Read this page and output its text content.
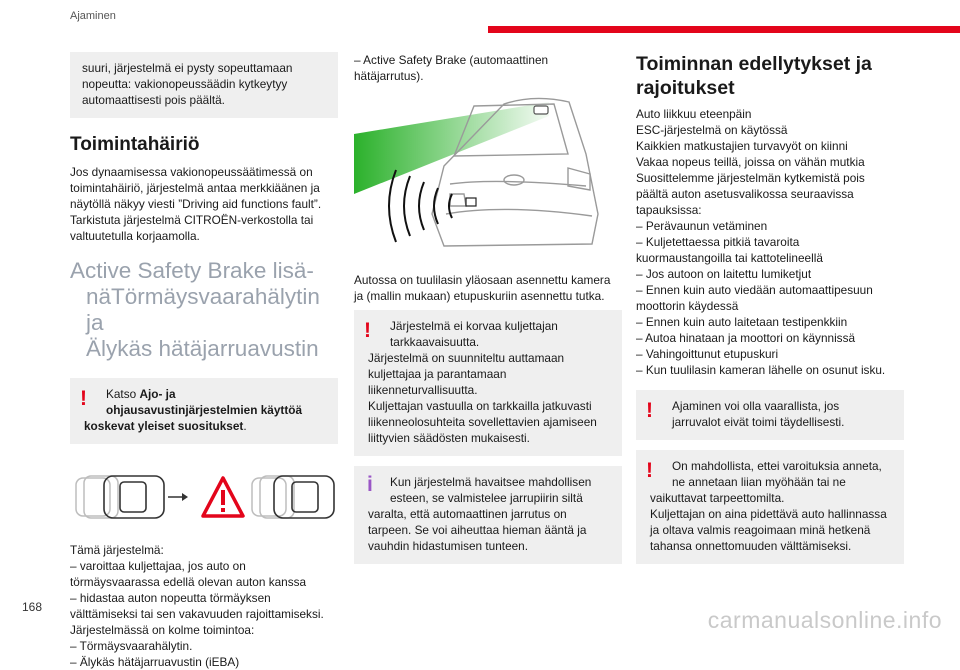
Ajaminen

suuri, järjestelmä ei pysty sopeuttamaan

nopeutta: vakionopeussäädin kytkeytyy

automaattisesti pois päältä.

Toimintahäiriö

Jos dynaamisessa vakionopeussäätimessä on

toimintahäiriö, järjestelmä antaa merkkiäänen ja

näytöllä näkyy viesti ”Driving aid functions fault”.

Tarkistuta järjestelmä CITROËN-verkostolla tai

valtuutetulla korjaamolla.

Active Safety Brake lisä-
näTörmäysvaarahälytin ja
Älykäs hätäjarruavustin
!	Katso Ajo- ja

ohjausavustinjärjestelmien käyttöä

koskevat yleiset suositukset.

Tämä järjestelmä:

– varoittaa kuljettajaa, jos auto on

törmäysvaarassa edellä olevan auton kanssa

– hidastaa auton nopeutta törmäyksen

välttämiseksi tai sen vakavuuden rajoittamiseksi.

Järjestelmässä on kolme toimintoa:

– Törmäysvaarahälytin.

– Älykäs hätäjarruavustin (iEBA)

– Active Safety Brake (automaattinen

hätäjarrutus).

Autossa on tuulilasin yläosaan asennettu kamera

ja (mallin mukaan) etupuskuriin asennettu tutka.

!	Järjestelmä ei korvaa kuljettajan

tarkkaavaisuutta.

Järjestelmä on suunniteltu auttamaan

kuljettajaa ja parantamaan

liikenneturvallisuutta.

Kuljettajan vastuulla on tarkkailla jatkuvasti

liikenneolosuhteita sovellettavien ajamiseen

liittyvien säädösten mukaisesti.

i	Kun järjestelmä havaitsee mahdollisen

esteen, se valmistelee jarrupiirin siltä

varalta, että automaattinen jarrutus on

tarpeen. Se voi aiheuttaa hieman ääntä ja

vauhdin hidastumisen tunteen.

Toiminnan edellytykset ja
rajoitukset

Auto liikkuu eteenpäin

ESC-järjestelmä on käytössä

Kaikkien matkustajien turvavyöt on kiinni

Vakaa nopeus teillä, joissa on vähän mutkia

Suosittelemme järjestelmän kytkemistä pois

päältä auton asetusvalikossa seuraavissa

tapauksissa:

– Perävaunun vetäminen

– Kuljetettaessa pitkiä tavaroita

kuormaustangoilla tai kattotelineellä

– Jos autoon on laitettu lumiketjut

– Ennen kuin auto viedään automaattipesuun

moottorin käydessä

– Ennen kuin auto laitetaan testipenkkiin

– Autoa hinataan ja moottori on käynnissä

– Vahingoittunut etupuskuri

– Kun tuulilasin kameran lähelle on osunut isku.

!	Ajaminen voi olla vaarallista, jos

jarruvalot eivät toimi täydellisesti.

!	On mahdollista, ettei varoituksia anneta,

ne annetaan liian myöhään tai ne

vaikuttavat tarpeettomilta.

Kuljettajan on aina pidettävä auto hallinnassa

ja oltava valmis reagoimaan minä hetkenä

tahansa onnettomuuden välttämiseksi.

168	carmanualsonline.info
